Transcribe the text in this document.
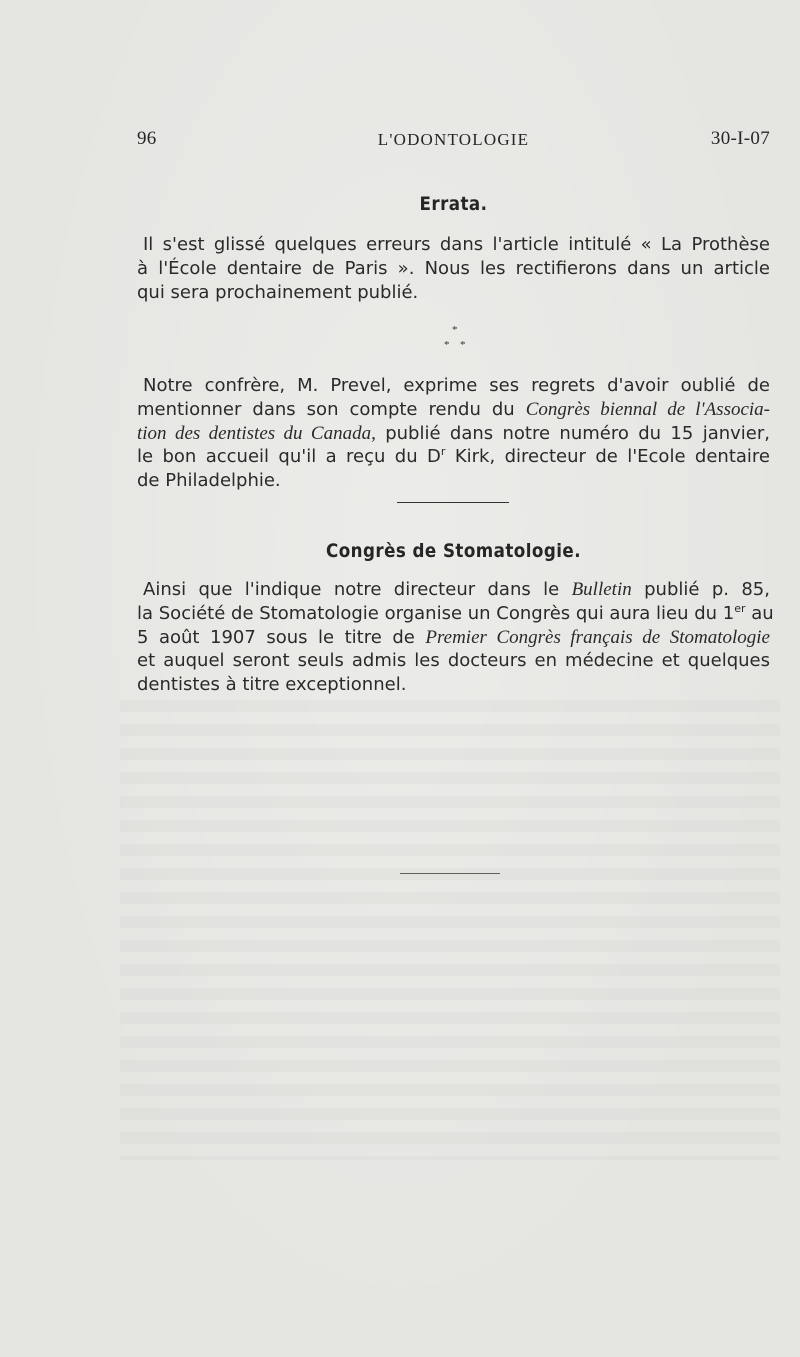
96	L'ODONTOLOGIE	30-I-07
Errata.
Il s'est glissé quelques erreurs dans l'article intitulé « La Prothèse
à l'École dentaire de Paris ». Nous les rectifierons dans un article
qui sera prochainement publié.
*
* *
Notre confrère, M. Prevel, exprime ses regrets d'avoir oublié de
mentionner dans son compte rendu du Congrès biennal de l'Associa-
tion des dentistes du Canada, publié dans notre numéro du 15 janvier,
le bon accueil qu'il a reçu du $D^r$ Kirk, directeur de l'Ecole dentaire
de Philadelphie.
Congrès de Stomatologie.
Ainsi que l'indique notre directeur dans le Bulletin publié p. 85,
la Société de Stomatologie organise un Congrès qui aura lieu du 1er au
5 août 1907 sous le titre de Premier Congrès français de Stomatologie
et auquel seront seuls admis les docteurs en médecine et quelques
dentistes à titre exceptionnel.
